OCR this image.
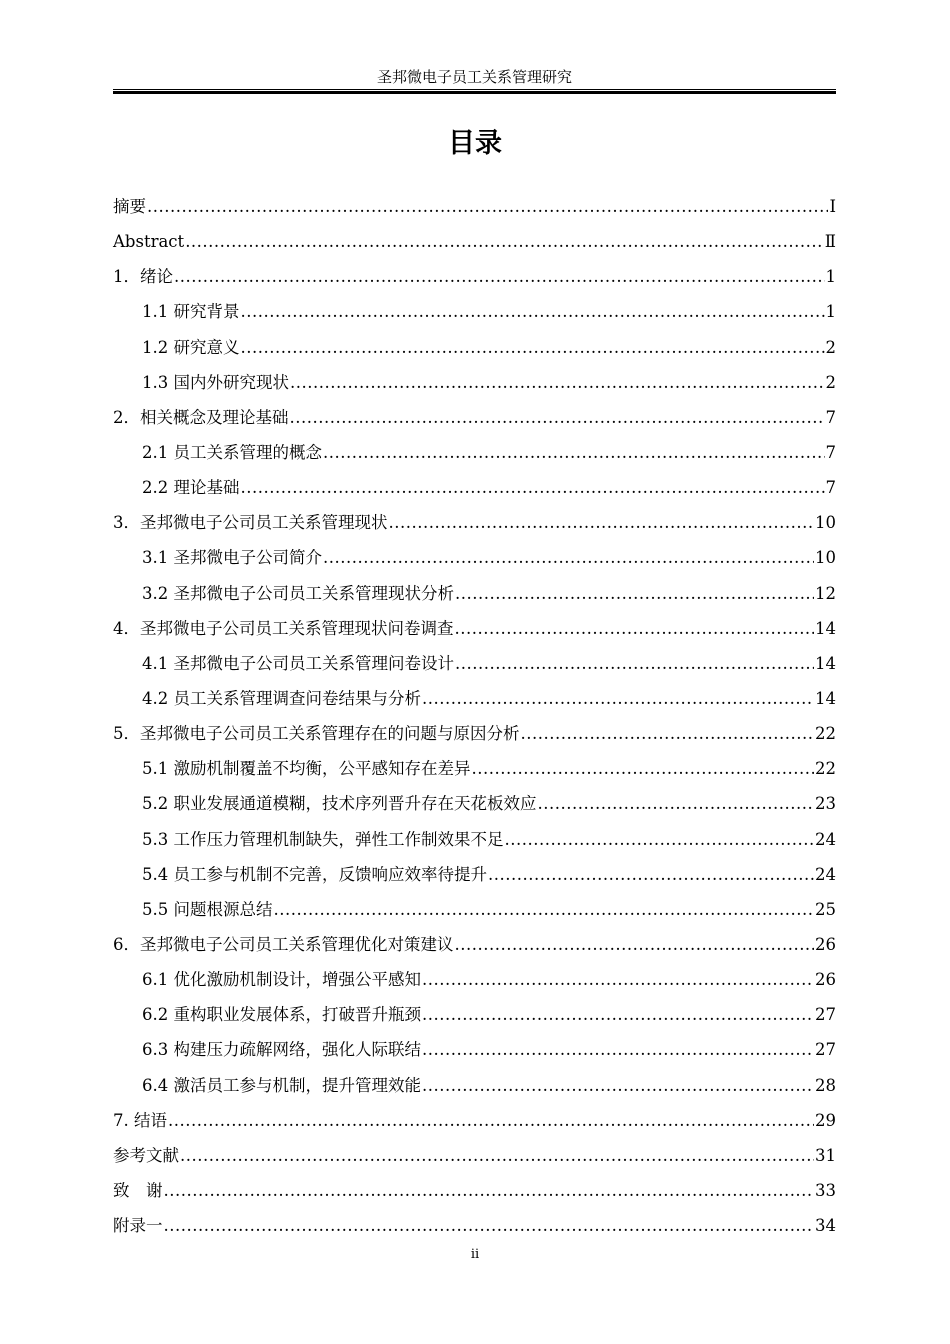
圣邦微电子员工关系管理研究
目录
摘要 .....	Ⅰ
Abstract .....	Ⅱ
1．绪论 .....	1
1.1 研究背景 .....	1
1.2 研究意义 .....	2
1.3 国内外研究现状 .....	2
2．相关概念及理论基础 .....	7
2.1 员工关系管理的概念 .....	7
2.2 理论基础 .....	7
3．圣邦微电子公司员工关系管理现状 .....	10
3.1 圣邦微电子公司简介 .....	10
3.2 圣邦微电子公司员工关系管理现状分析 .....	12
4．圣邦微电子公司员工关系管理现状问卷调查 .....	14
4.1 圣邦微电子公司员工关系管理问卷设计 .....	14
4.2 员工关系管理调查问卷结果与分析 .....	14
5．圣邦微电子公司员工关系管理存在的问题与原因分析 .....	22
5.1 激励机制覆盖不均衡，公平感知存在差异 .....	22
5.2 职业发展通道模糊，技术序列晋升存在天花板效应 .....	23
5.3 工作压力管理机制缺失，弹性工作制效果不足 .....	24
5.4 员工参与机制不完善，反馈响应效率待提升 .....	24
5.5 问题根源总结 .....	25
6．圣邦微电子公司员工关系管理优化对策建议 .....	26
6.1 优化激励机制设计，增强公平感知 .....	26
6.2 重构职业发展体系，打破晋升瓶颈 .....	27
6.3 构建压力疏解网络，强化人际联结 .....	27
6.4 激活员工参与机制，提升管理效能 .....	28
7. 结语 .....	29
参考文献 .....	31
致　谢 .....	33
附录一 .....	34
ii
